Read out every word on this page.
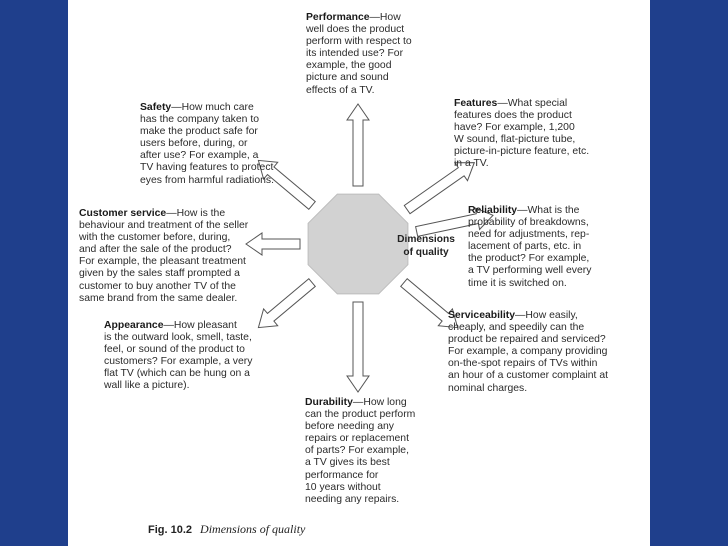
Dimensions
of quality
Performance—How
well does the product
perform with respect to
its intended use? For
example, the good
picture and sound
effects of a TV.
Features—What special
features does the product
have? For example, 1,200
W sound, flat-picture tube,
picture-in-picture feature, etc.
in a TV.
Reliability—What is the
probability of breakdowns,
need for adjustments, rep-
lacement of parts, etc. in
the product? For example,
a TV performing well every
time it is switched on.
Serviceability—How easily,
cheaply, and speedily can the
product be repaired and serviced?
For example, a company providing
on-the-spot repairs of TVs within
an hour of a customer complaint at
nominal charges.
Durability—How long
can the product perform
before needing any
repairs or replacement
of parts? For example,
a TV gives its best
performance for
10 years without
needing any repairs.
Appearance—How pleasant
is the outward look, smell, taste,
feel, or sound of the product to
customers? For example, a very
flat TV (which can be hung on a
wall like a picture).
Customer service—How is the
behaviour and treatment of the seller
with the customer before, during,
and after the sale of the product?
For example, the pleasant treatment
given by the sales staff prompted a
customer to buy another TV of the
same brand from the same dealer.
Safety—How much care
has the company taken to
make the product safe for
users before, during, or
after use? For example, a
TV having features to protect
eyes from harmful radiations.
Fig. 10.2 Dimensions of quality
